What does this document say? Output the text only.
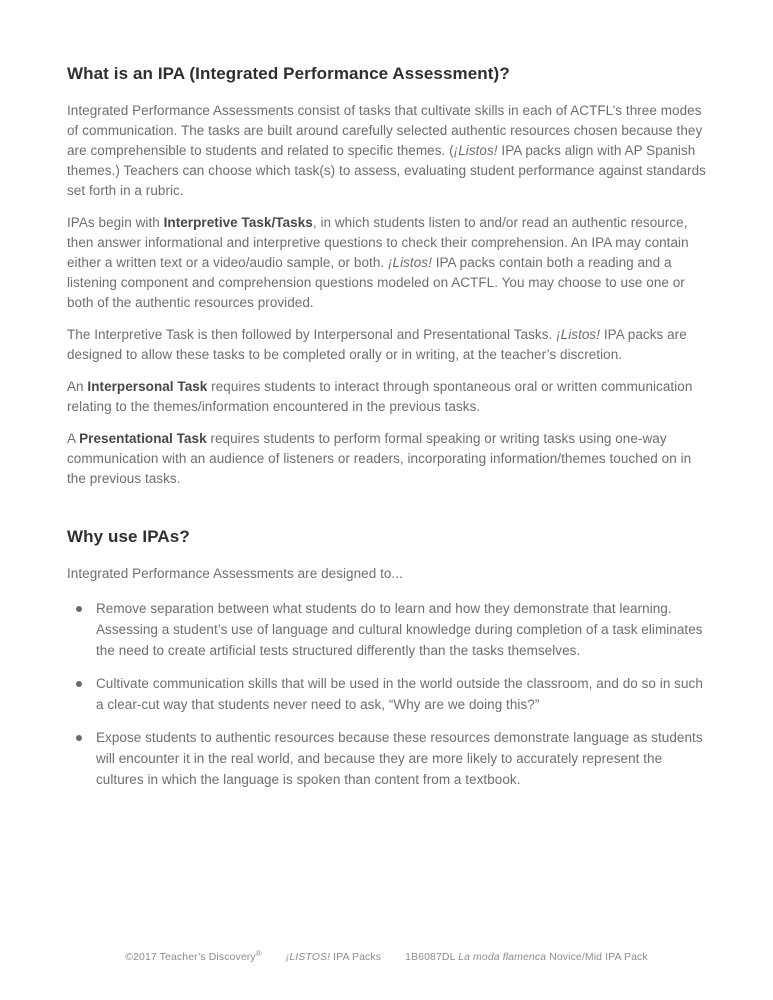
What is an IPA (Integrated Performance Assessment)?

Integrated Performance Assessments consist of tasks that cultivate skills in each of ACTFL’s three modes of communication. The tasks are built around carefully selected authentic resources chosen because they are comprehensible to students and related to specific themes. (¡Listos! IPA packs align with AP Spanish themes.) Teachers can choose which task(s) to assess, evaluating student performance against standards set forth in a rubric.

IPAs begin with Interpretive Task/Tasks, in which students listen to and/or read an authentic resource, then answer informational and interpretive questions to check their comprehension. An IPA may contain either a written text or a video/audio sample, or both. ¡Listos! IPA packs contain both a reading and a listening component and comprehension questions modeled on ACTFL. You may choose to use one or both of the authentic resources provided.

The Interpretive Task is then followed by Interpersonal and Presentational Tasks. ¡Listos! IPA packs are designed to allow these tasks to be completed orally or in writing, at the teacher’s discretion.

An Interpersonal Task requires students to interact through spontaneous oral or written communication relating to the themes/information encountered in the previous tasks.

A Presentational Task requires students to perform formal speaking or writing tasks using one-way communication with an audience of listeners or readers, incorporating information/themes touched on in the previous tasks.

Why use IPAs?

Integrated Performance Assessments are designed to...

Remove separation between what students do to learn and how they demonstrate that learning. Assessing a student’s use of language and cultural knowledge during completion of a task eliminates the need to create artificial tests structured differently than the tasks themselves.
Cultivate communication skills that will be used in the world outside the classroom, and do so in such a clear-cut way that students never need to ask, “Why are we doing this?”
Expose students to authentic resources because these resources demonstrate language as students will encounter it in the real world, and because they are more likely to accurately represent the cultures in which the language is spoken than content from a textbook.
©2017 Teacher’s Discovery® ¡LISTOS! IPA Packs 1B6087DL La moda flamenca Novice/Mid IPA Pack
